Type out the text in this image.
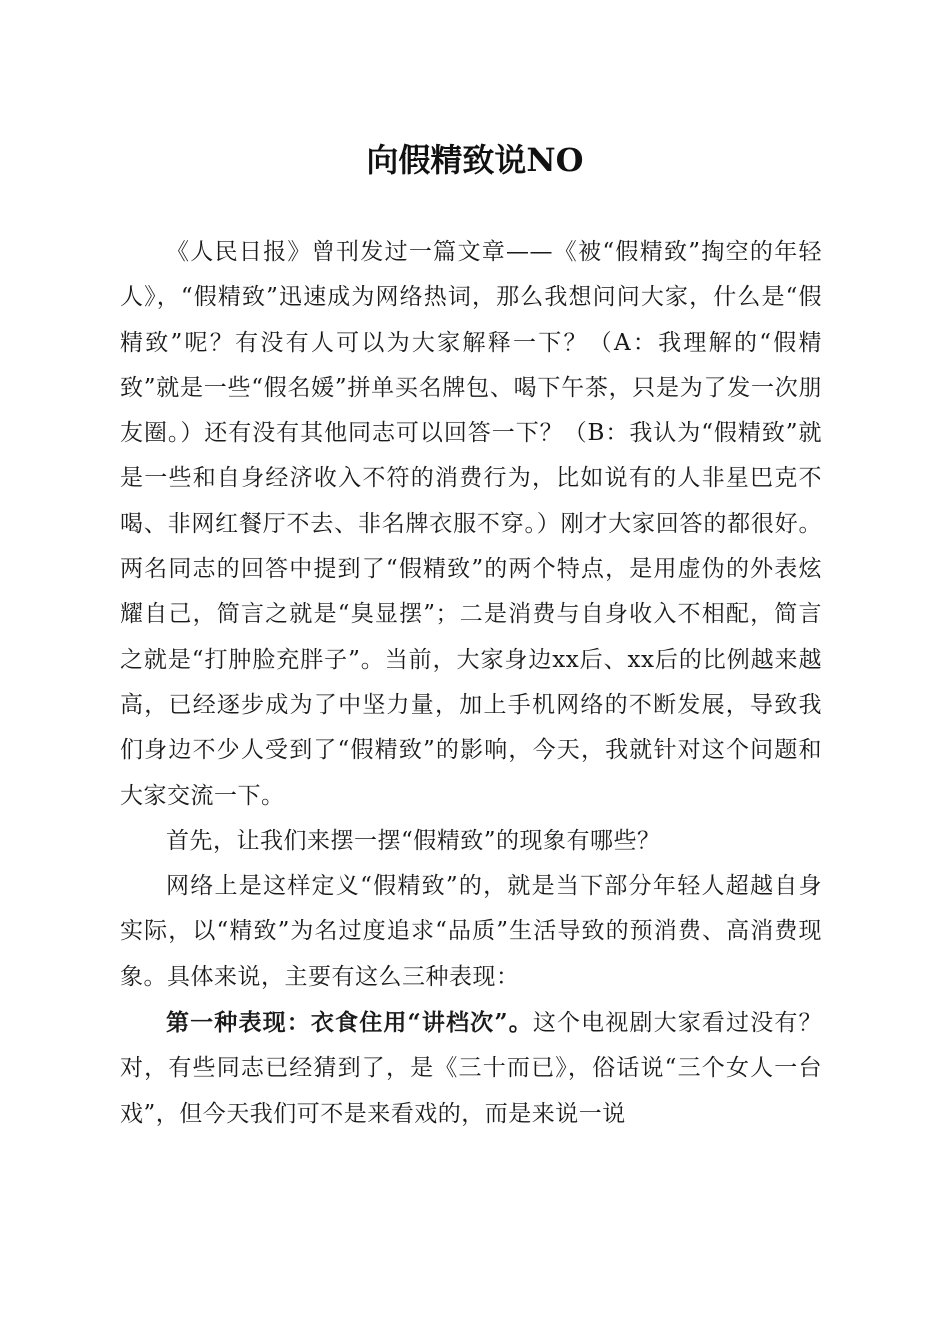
向假精致说NO

《人民日报》曾刊发过一篇文章——《被“假精致”掏空的年轻人》，“假精致”迅速成为网络热词，那么我想问问大家，什么是“假精致”呢？有没有人可以为大家解释一下？（A：我理解的“假精致”就是一些“假名媛”拼单买名牌包、喝下午茶，只是为了发一次朋友圈。）还有没有其他同志可以回答一下？（B：我认为“假精致”就是一些和自身经济收入不符的消费行为，比如说有的人非星巴克不喝、非网红餐厅不去、非名牌衣服不穿。）刚才大家回答的都很好。两名同志的回答中提到了“假精致”的两个特点，是用虚伪的外表炫耀自己，简言之就是“臭显摆”；二是消费与自身收入不相配，简言之就是“打肿脸充胖子”。当前，大家身边xx后、xx后的比例越来越高，已经逐步成为了中坚力量，加上手机网络的不断发展，导致我们身边不少人受到了“假精致”的影响，今天，我就针对这个问题和大家交流一下。

首先，让我们来摆一摆“假精致”的现象有哪些？

网络上是这样定义“假精致”的，就是当下部分年轻人超越自身实际，以“精致”为名过度追求“品质”生活导致的预消费、高消费现象。具体来说，主要有这么三种表现：

第一种表现：衣食住用“讲档次”。这个电视剧大家看过没有？对，有些同志已经猜到了，是《三十而已》，俗话说“三个女人一台戏”，但今天我们可不是来看戏的，而是来说一说
